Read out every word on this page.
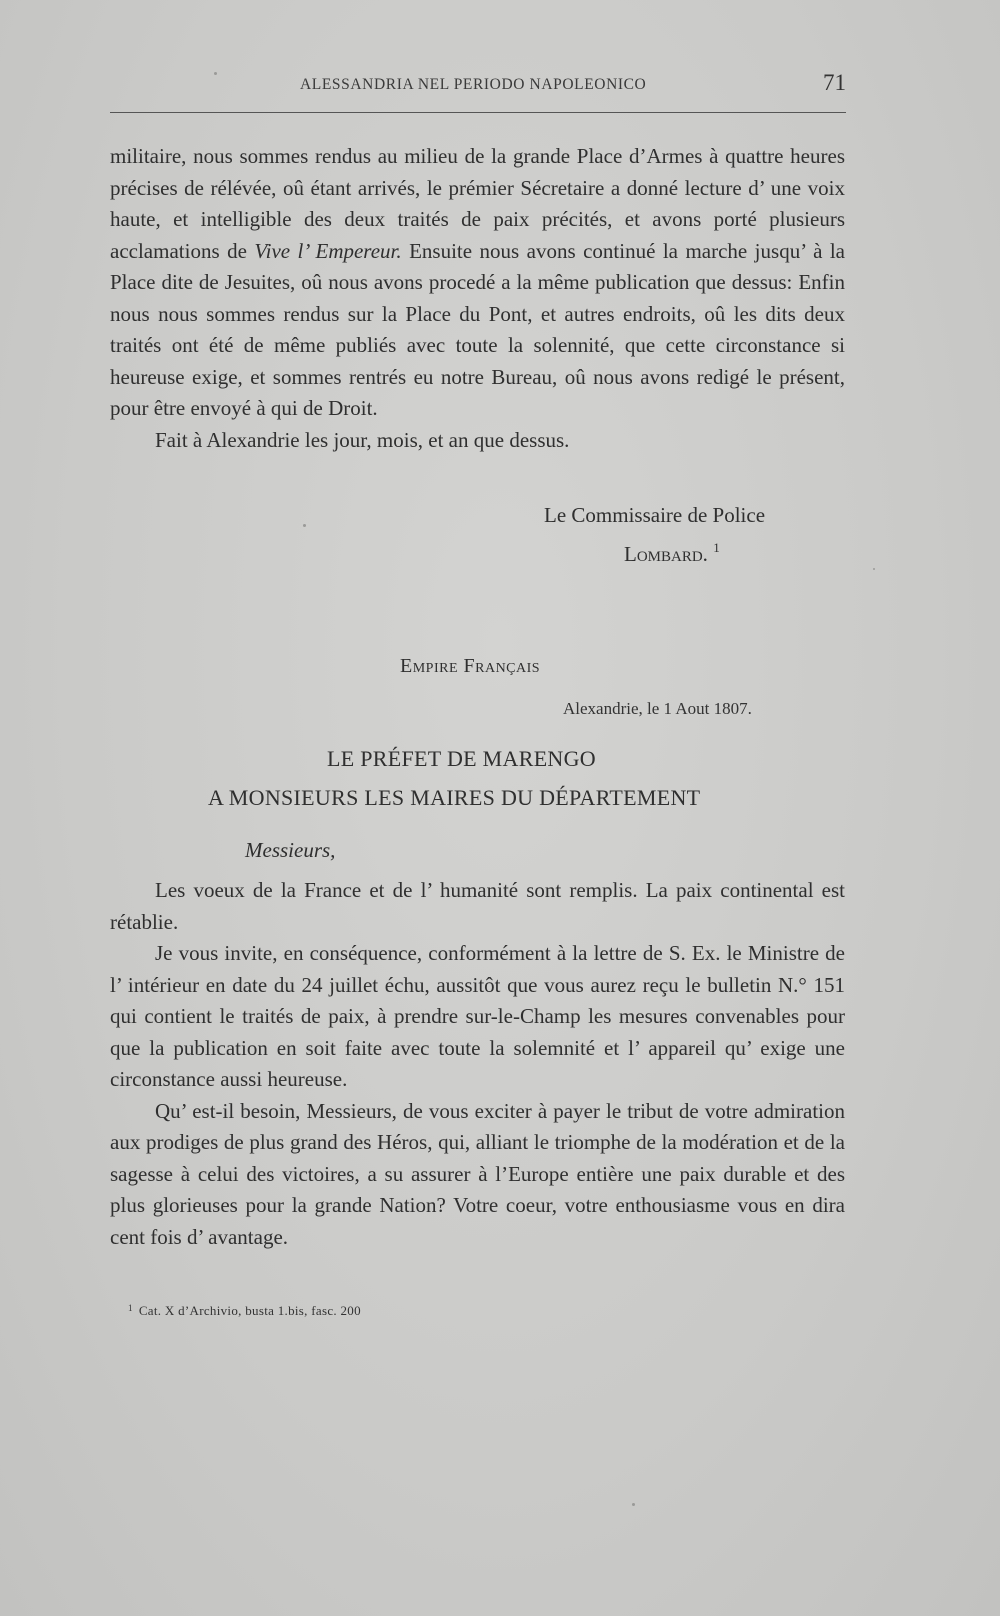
ALESSANDRIA NEL PERIODO NAPOLEONICO	71

militaire, nous sommes rendus au milieu de la grande Place d’Armes à quattre heures précises de rélévée, oû étant arrivés, le prémier Sécretaire a donné lecture d’ une voix haute, et intelligible des deux traités de paix précités, et avons porté plusieurs acclamations de Vive l’ Empereur. Ensuite nous avons continué la marche jusqu’ à la Place dite de Jesuites, oû nous avons procedé a la même publication que dessus: Enfin nous nous sommes rendus sur la Place du Pont, et autres endroits, oû les dits deux traités ont été de même publiés avec toute la solennité, que cette circonstance si heureuse exige, et sommes rentrés eu notre Bureau, oû nous avons redigé le présent, pour être envoyé à qui de Droit.

Fait à Alexandrie les jour, mois, et an que dessus.

Le Commissaire de Police
Lombard. $^1$
Empire Français
Alexandrie, le 1 Aout 1807.
LE PRÉFET DE MARENGO
A MONSIEURS LES MAIRES DU DÉPARTEMENT
Messieurs,

Les voeux de la France et de l’ humanité sont remplis. La paix continental est rétablie.

Je vous invite, en conséquence, conformément à la lettre de S. Ex. le Ministre de l’ intérieur en date du 24 juillet échu, aussitôt que vous aurez reçu le bulletin N.° 151 qui contient le traités de paix, à prendre sur-le-Champ les mesures convenables pour que la publication en soit faite avec toute la solemnité et l’ appareil qu’ exige une circonstance aussi heureuse.

Qu’ est-il besoin, Messieurs, de vous exciter à payer le tribut de votre admiration aux prodiges de plus grand des Héros, qui, alliant le triomphe de la modération et de la sagesse à celui des victoires, a su assurer à l’Europe entière une paix durable et des plus glorieuses pour la grande Nation? Votre coeur, votre enthousiasme vous en dira cent fois d’ avantage.

$^1$ Cat. X d’Archivio, busta 1.bis, fasc. 200
